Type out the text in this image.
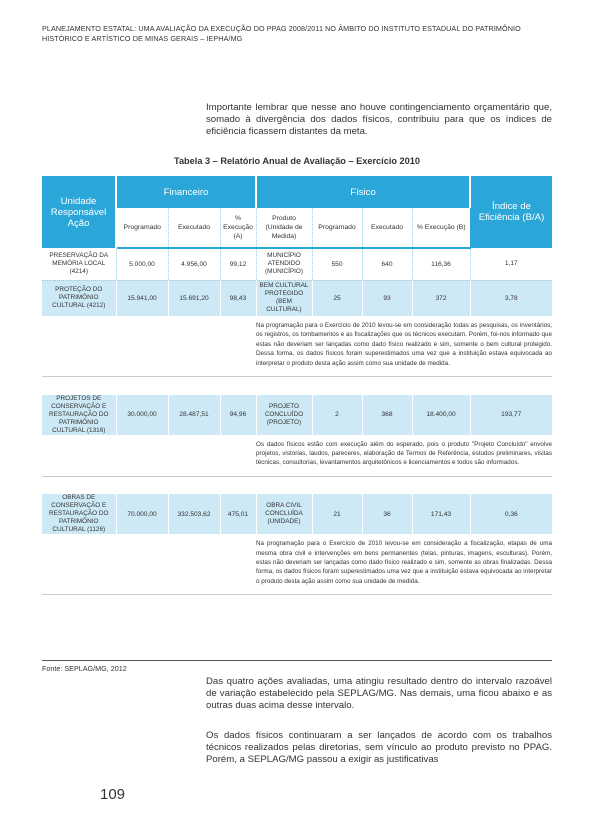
PLANEJAMENTO ESTATAL: UMA AVALIAÇÃO DA EXECUÇÃO DO PPAG 2008/2011 NO ÂMBITO DO INSTITUTO ESTADUAL DO PATRIMÔNIO
HISTÓRICO E ARTÍSTICO DE MINAS GERAIS – IEPHA/MG

Importante lembrar que nesse ano houve contingenciamento orçamentário que, somado à divergência dos dados físicos, contribuiu para que os índices de eficiência ficassem distantes da meta.

Tabela 3 – Relatório Anual de Avaliação – Exercício 2010
Unidade Responsável Ação	Financeiro			Físico				Índice de Eficiência (B/A)
	Programado	Executado	% Execução (A)	Produto (Unidade de Medida)	Programado	Executado	% Execução (B)	
PRESERVAÇÃO DA MEMÓRIA LOCAL (4214)	5.000,00	4.956,00	99,12	MUNICÍPIO ATENDIDO (MUNICÍPIO)	550	640	116,36	1,17
PROTEÇÃO DO PATRIMÔNIO CULTURAL (4212)	15.941,00	15.691,20	98,43	BEM CULTURAL PROTEGIDO (BEM CULTURAL)	25	93	372	3,78
				Na programação para o Exercício de 2010 levou-se em consideração todas as pesquisas, os inventários, os registros, os tombamentos e as fiscalizações que os técnicos executam. Porém, foi-nos informado que estas não deveriam ser lançadas como dado físico realizado e sim, somente o bem cultural protegido. Dessa forma, os dados físicos foram superestimados uma vez que a instituição estava equivocada ao interpretar o produto desta ação assim como sua unidade de medida.				

PROJETOS DE CONSERVAÇÃO E RESTAURAÇÃO DO PATRIMÔNIO CULTURAL (1316)	30.000,00	28.487,51	94,96	PROJETO CONCLUÍDO (PROJETO)	2	368	18.400,00	193,77
				Os dados físicos estão com execução além do esperado, pois o produto "Projeto Concluído" envolve projetos, vistorias, laudos, pareceres, elaboração de Termos de Referência, estudos preliminares, visitas técnicas, consultorias, levantamentos arquitetônicos e licenciamentos e todos são informados.				

OBRAS DE CONSERVAÇÃO E RESTAURAÇÃO DO PATRIMÔNIO CULTURAL (1126)	70.000,00	332.503,62	475,01	OBRA CIVIL CONCLUÍDA (UNIDADE)	21	36	171,43	0,36
				Na programação para o Exercício de 2010 levou-se em consideração a fiscalização, etapas de uma mesma obra civil e intervenções em bens permanentes (telas, pinturas, imagens, esculturas). Porém, estas não deveriam ser lançadas como dado físico realizado e sim, somente as obras finalizadas. Dessa forma, os dados físicos foram superestimados uma vez que a instituição estava equivocada ao interpretar o produto desta ação assim como sua unidade de medida.				
Fonte: SEPLAG/MG, 2012

Das quatro ações avaliadas, uma atingiu resultado dentro do intervalo razoável de variação estabelecido pela SEPLAG/MG. Nas demais, uma ficou abaixo e as outras duas acima desse intervalo.

Os dados físicos continuaram a ser lançados de acordo com os trabalhos técnicos realizados pelas diretorias, sem vínculo ao produto previsto no PPAG. Porém, a SEPLAG/MG passou a exigir as justificativas

109
